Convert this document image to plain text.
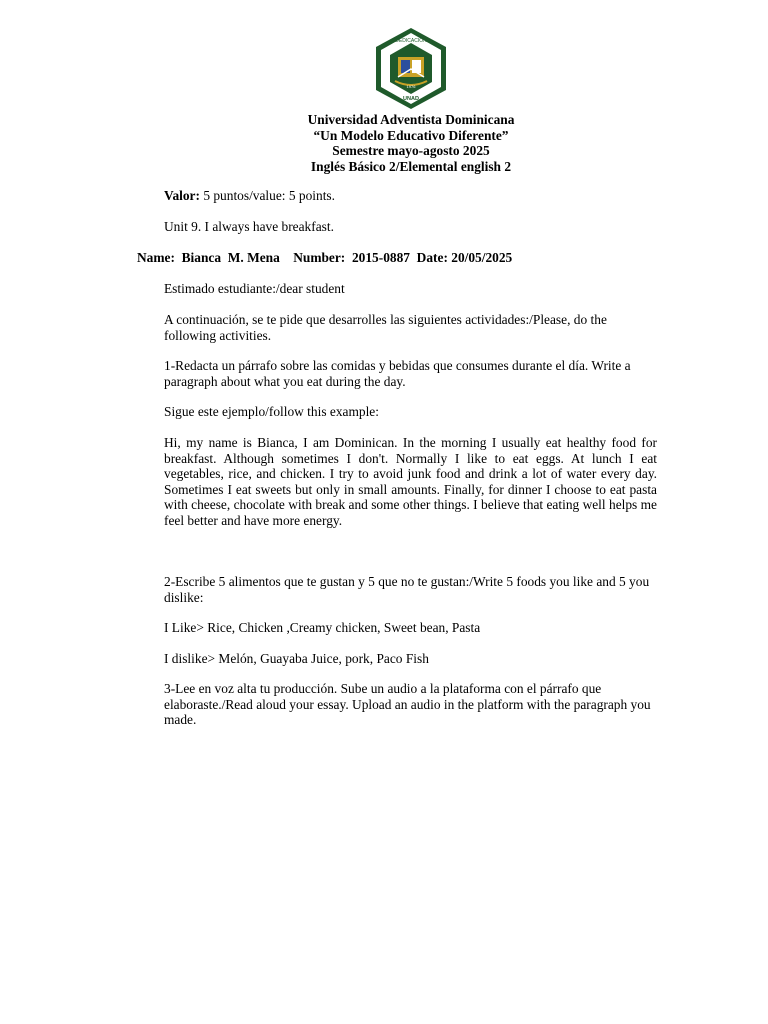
DEDICACIÓN
1976
UNAD
Universidad Adventista Dominicana
“Un Modelo Educativo Diferente”
Semestre mayo-agosto 2025
Inglés Básico 2/Elemental english 2

Valor: 5 puntos/value: 5 points.

Unit 9. I always have breakfast.

Name:  Bianca  M. Mena    Number:  2015-0887  Date: 20/05/2025

Estimado estudiante:/dear student

A continuación, se te pide que desarrolles las siguientes actividades:/Please, do the following activities.

1-Redacta un párrafo sobre las comidas y bebidas que consumes durante el día. Write a paragraph about what you eat during the day.

Sigue este ejemplo/follow this example:

Hi, my name is Bianca, I am Dominican. In the morning I usually eat healthy food for breakfast. Although sometimes I don't. Normally I like to eat eggs. At lunch I eat vegetables, rice, and chicken. I try to avoid junk food and drink a lot of water every day. Sometimes I eat sweets but only in small amounts. Finally, for dinner I choose to eat pasta with cheese, chocolate with break and some other things. I believe that eating well helps me feel better and have more energy.

2-Escribe 5 alimentos que te gustan y 5 que no te gustan:/Write 5 foods you like and 5 you dislike:

I Like> Rice, Chicken ,Creamy chicken, Sweet bean, Pasta

I dislike> Melón, Guayaba Juice, pork, Paco Fish

3-Lee en voz alta tu producción. Sube un audio a la plataforma con el párrafo que elaboraste./Read aloud your essay. Upload an audio in the platform with the paragraph you made.
